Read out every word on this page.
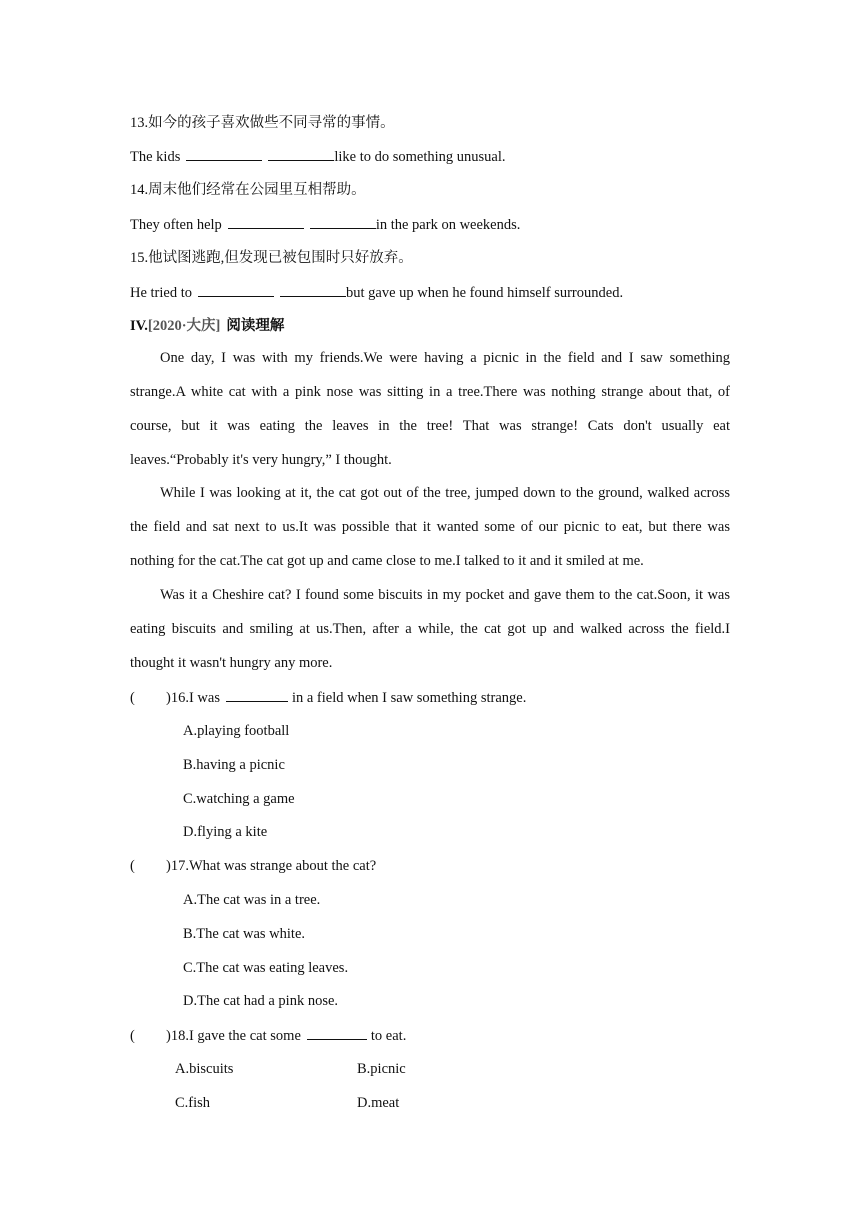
13.如今的孩子喜欢做些不同寻常的事情。
The kids	like to do something unusual.
14.周末他们经常在公园里互相帮助。
They often help	in the park on weekends.
15.他试图逃跑,但发现已被包围时只好放弃。
He tried to	but gave up when he found himself surrounded.
IV.[2020·大庆] 阅读理解
One day, I was with my friends.We were having a picnic in the field and I saw something strange.A white cat with a pink nose was sitting in a tree.There was nothing strange about that, of course, but it was eating the leaves in the tree! That was strange! Cats don't usually eat leaves.“Probably it's very hungry,” I thought.
While I was looking at it, the cat got out of the tree, jumped down to the ground, walked across the field and sat next to us.It was possible that it wanted some of our picnic to eat, but there was nothing for the cat.The cat got up and came close to me.I talked to it and it smiled at me.
Was it a Cheshire cat? I found some biscuits in my pocket and gave them to the cat.Soon, it was eating biscuits and smiling at us.Then, after a while, the cat got up and walked across the field.I thought it wasn't hungry any more.
( )16.I was	in a field when I saw something strange.
A.playing football
B.having a picnic
C.watching a game
D.flying a kite
( )17.What was strange about the cat?
A.The cat was in a tree.
B.The cat was white.
C.The cat was eating leaves.
D.The cat had a pink nose.
( )18.I gave the cat some	to eat.
A.biscuits	B.picnic
C.fish	D.meat
